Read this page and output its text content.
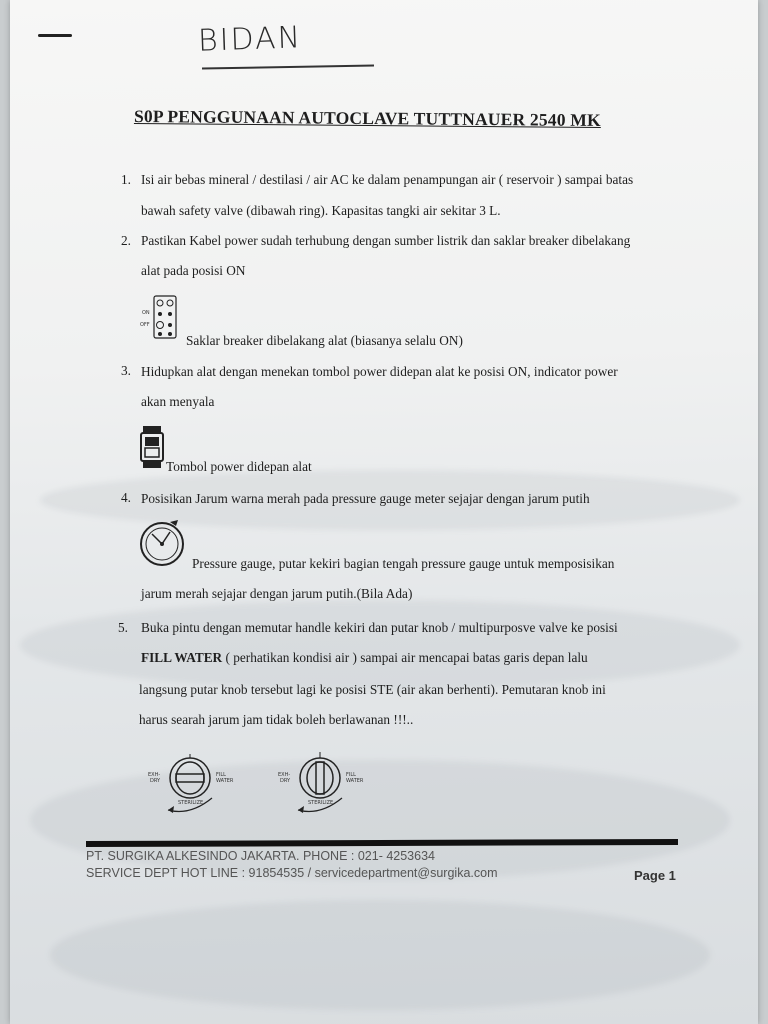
BIDAN
S0P PENGGUNAAN AUTOCLAVE TUTTNAUER 2540 MK
1. Isi air bebas mineral / destilasi / air AC ke dalam penampungan air ( reservoir ) sampai batas
bawah safety valve (dibawah ring). Kapasitas tangki air sekitar 3 L.
2. Pastikan Kabel power sudah terhubung dengan sumber listrik dan saklar breaker dibelakang
alat pada posisi ON
ON
OFF
Saklar breaker dibelakang alat (biasanya selalu ON)
3. Hidupkan alat dengan menekan tombol power didepan alat ke posisi ON, indicator power
akan menyala
Tombol power didepan alat
4. Posisikan Jarum warna merah pada pressure gauge meter sejajar dengan jarum putih
Pressure gauge, putar kekiri bagian tengah pressure gauge untuk memposisikan
jarum merah sejajar dengan jarum putih.(Bila Ada)
5. Buka pintu dengan memutar handle kekiri dan putar knob / multipurposve valve ke posisi
FILL WATER ( perhatikan kondisi air ) sampai air mencapai batas garis depan lalu
langsung putar knob tersebut lagi ke posisi STE (air akan berhenti). Pemutaran knob ini
harus searah jarum jam tidak boleh berlawanan !!!..
EXH-
DRY
FILL
WATER
STERILIZE
EXH-
DRY
FILL
WATER
STERILIZE
PT. SURGIKA ALKESINDO JAKARTA. PHONE : 021- 4253634
SERVICE DEPT HOT LINE : 91854535 / servicedepartment@surgika.com	Page 1
